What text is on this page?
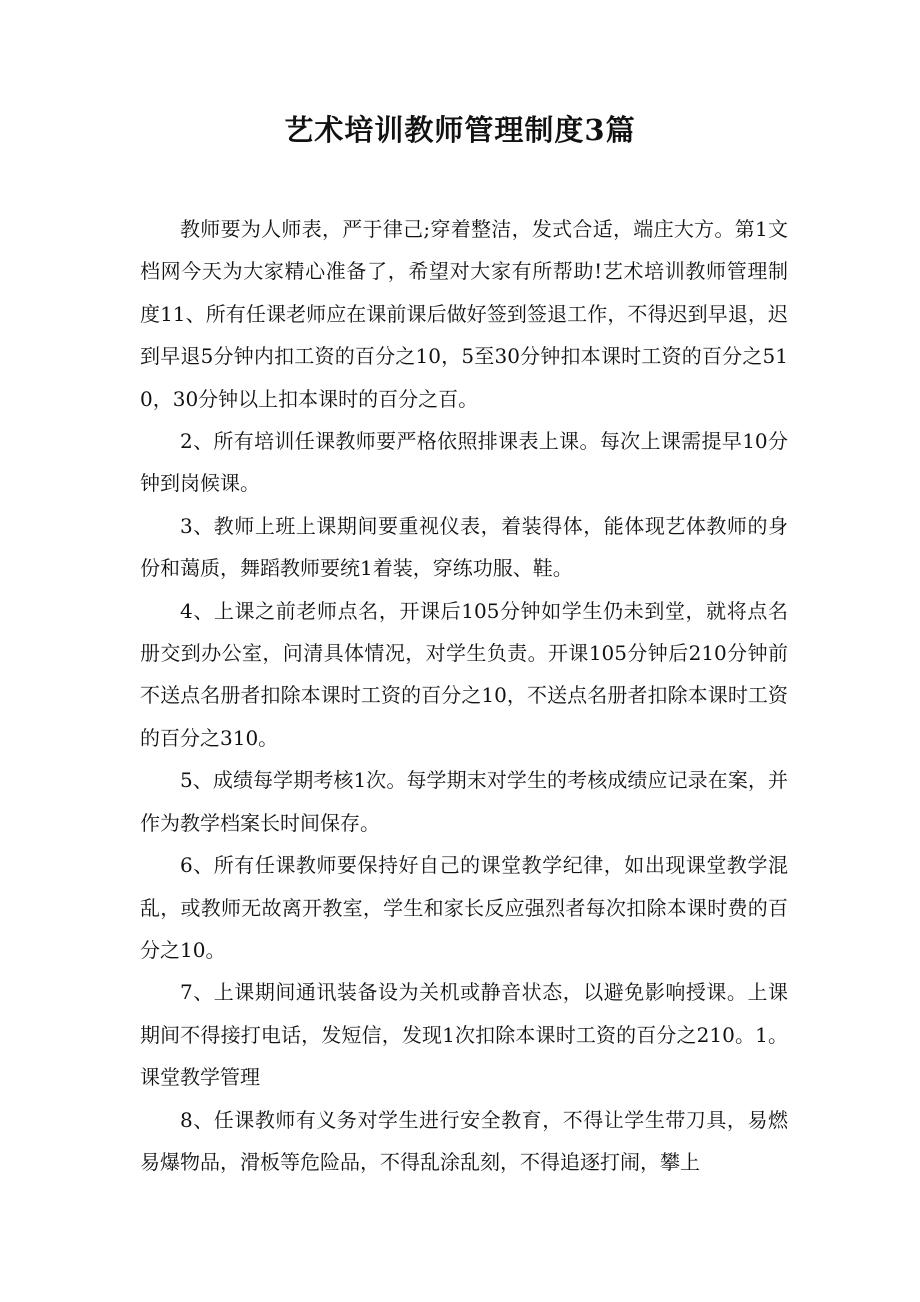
艺术培训教师管理制度3篇

教师要为人师表，严于律己;穿着整洁，发式合适，端庄大方。第1文档网今天为大家精心准备了，希望对大家有所帮助!艺术培训教师管理制度11、所有任课老师应在课前课后做好签到签退工作，不得迟到早退，迟到早退5分钟内扣工资的百分之10，5至30分钟扣本课时工资的百分之510，30分钟以上扣本课时的百分之百。

2、所有培训任课教师要严格依照排课表上课。每次上课需提早10分钟到岗候课。

3、教师上班上课期间要重视仪表，着装得体，能体现艺体教师的身份和蔼质，舞蹈教师要统1着装，穿练功服、鞋。

4、上课之前老师点名，开课后105分钟如学生仍未到堂，就将点名册交到办公室，问清具体情况，对学生负责。开课105分钟后210分钟前不送点名册者扣除本课时工资的百分之10，不送点名册者扣除本课时工资的百分之310。

5、成绩每学期考核1次。每学期末对学生的考核成绩应记录在案，并作为教学档案长时间保存。

6、所有任课教师要保持好自己的课堂教学纪律，如出现课堂教学混乱，或教师无故离开教室，学生和家长反应强烈者每次扣除本课时费的百分之10。

7、上课期间通讯装备设为关机或静音状态，以避免影响授课。上课期间不得接打电话，发短信，发现1次扣除本课时工资的百分之210。1。课堂教学管理

8、任课教师有义务对学生进行安全教育，不得让学生带刀具，易燃易爆物品，滑板等危险品，不得乱涂乱刻，不得追逐打闹，攀上
